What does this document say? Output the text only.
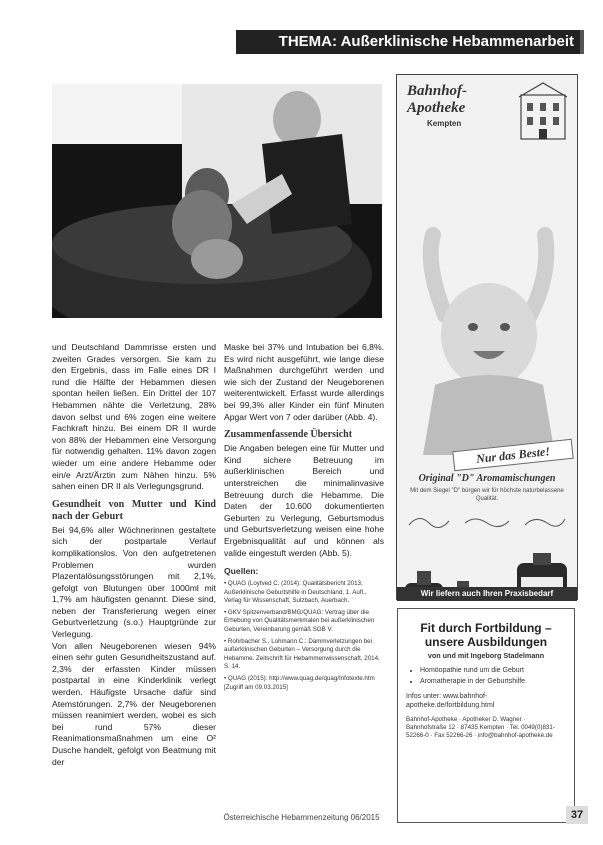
THEMA: Außerklinische Hebammenarbeit

und Deutschland Dammrisse ersten und zweiten Grades versorgen. Sie kam zu den Ergebnis, dass im Falle eines DR I rund die Hälfte der Hebammen diesen spontan heilen ließen. Ein Drittel der 107 Hebammen nähte die Verletzung, 28% davon selbst und 6% zogen eine weitere Fachkraft hinzu. Bei einem DR II wurde von 88% der Hebammen eine Versorgung für notwendig gehalten. 11% davon zogen wieder um eine andere Hebamme oder ein/e Arzt/Ärztin zum Nähen hinzu. 5% sahen einen DR II als Verlegungsgrund.

Gesundheit von Mutter und Kind nach der Geburt

Bei 94,6% aller Wöchnerinnen gestaltete sich der postpartale Verlauf komplikationslos. Von den aufgetretenen Problemen wurden Plazentalösungsstörungen mit 2,1%, gefolgt von Blutungen über 1000ml mit 1,7% am häufigsten genannt. Diese sind, neben der Transferierung wegen einer Geburtverletzung (s.o.) Hauptgründe zur Verlegung.

Von allen Neugeborenen wiesen 94% einen sehr guten Gesundheitszustand auf. 2,3% der erfassten Kinder müssen postpartal in eine Kinderklinik verlegt werden. Häufigste Ursache dafür sind Atemstörungen. 2,7% der Neugeborenen müssen reanimiert werden, wobei es sich bei rund 57% dieser Reanimationsmaßnahmen um eine O² Dusche handelt, gefolgt von Beatmung mit der

Maske bei 37% und Intubation bei 6,8%. Es wird nicht ausgeführt, wie lange diese Maßnahmen durchgeführt werden und wie sich der Zustand der Neugeborenen weiterentwickelt. Erfasst wurde allerdings bei 99,3% aller Kinder ein fünf Minuten Apgar Wert von 7 oder darüber (Abb. 4).

Zusammenfassende Übersicht

Die Angaben belegen eine für Mutter und Kind sichere Betreuung im außerklinischen Bereich und unterstreichen die minimalinvasive Betreuung durch die Hebamme. Die Daten der 10.600 dokumentierten Geburten zu Verlegung, Geburtsmodus und Geburtsverletzung weisen eine hohe Ergebnisqualität auf und können als valide eingestuft werden (Abb. 5).

Quellen:
• QUAG (Loytved C. (2014): Qualitätsbericht 2013, Außerklinische Geburtshilfe in Deutschland, 1. Aufl., Verlag für Wissenschaft, Sulzbach, Auerbach.
• GKV Spitzenverband/BMG/QUAG: Vertrag über die Erhebung von Qualitätsmerkmalen bei außerklinischen Geburten, Vereinbarung gemäß SGB V.
• Rohrbacher S., Lohmann C.: Dammverletzungen bei außerklinischen Geburten – Versorgung durch die Hebamme. Zeitschrift für Hebammenwissenschaft, 2014, S. 14.
• QUAG (2015): http://www.quag.de/quag/Infotexte.htm [Zugriff am 09.03.2015]
Bahnhof-
Apotheke
Kempten
Nur das Beste!
Original "D" Aromamischungen
Mit dem Siegel "D" bürgen wir für höchste naturbelassene Qualität.
Wir liefern auch Ihren Praxisbedarf www.bahnhof-apotheke.de
Fit durch Fortbildung – unsere Ausbildungen
von und mit Ingeborg Stadelmann
• Homöopathie rund um die Geburt
• Aromatherapie in der Geburtshilfe
Infos unter: www.bahnhof-apotheke.de/fortbildung.html
Bahnhof-Apotheke · Apotheker D. Wagner · Bahnhofstraße 12 · 87435 Kempten · Tel. 0049(0)831-52266-0 · Fax 52266-26 · info@bahnhof-apotheke.de
Österreichische Hebammenzeitung 06/2015	37
